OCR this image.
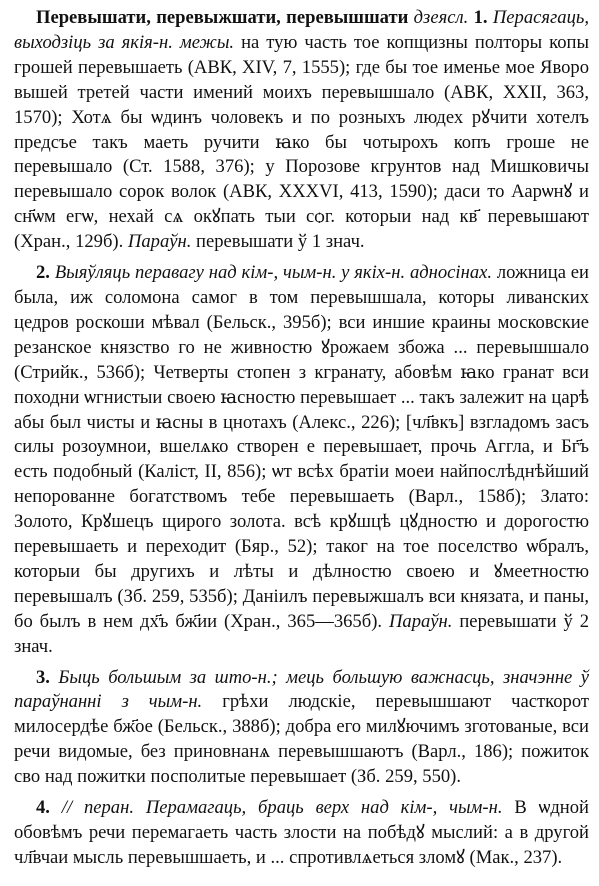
Перевышати, перевыжшати, перевышшати дзеясл. 1. Перасягаць, выходзіць за якія-н. межы. на тую часть тое копщизны полторы копы грошей перевышаеть (АВК, XIV, 7, 1555); где бы тое именье мое Яворо вышей третей части имений моихъ перевышшало (АВК, XXII, 363, 1570); Хотѧ бы ѡдинъ чоловекъ и по розныхъ людех рꙋчити хотелъ предсъе такъ маеть ручити ꙗко бы чотырохъ копъ гроше не перевышало (Ст. 1588, 376); у Порозове кгрунтов над Мишковичы перевышало сорок волок (АВК, XXXVI, 413, 1590); даси то Аарѡнꙋ и сн҃ѡм егѡ, нехай сѧ окꙋпать тыи сѻг. которыи над кв҃ перевышают (Хран., 129б). Параўн. перевышати ў 1 знач.

2. Выяўляць перавагу над кім-, чым-н. у якіх-н. адносінах. ложница еи была, иж соломона самог в том перевышшала, которы ливанских цедров роскоши мѣвал (Бельск., 395б); вси иншие краины московские резанское князство го не живностю ꙋрожаем збожа ... перевышшало (Стрийк., 536б); Четверты стопен з кгранату, абовѣм ꙗко гранат вси походни ѡгнистыи своею ꙗсностю перевышает ... такъ залежит на царѣ абы был чисты и ꙗсны в цнотахъ (Алекс., 226); [чл҃вкъ] взгладомъ засъ силы розоумнои, вшелѧко створен е перевышает, прочь Аггла, и Бг҃ъ есть подобный (Каліст, II, 856); ѡт всѣх братіи моеи найпослѣднѣйший непорованне богатствомъ тебе перевышаеть (Варл., 158б); Злато: Золото, Крꙋшецъ щирого золота. всѣ крꙋшцѣ цꙋдностю и дорогостю перевышаеть и переходит (Бяр., 52); таког на тое поселство ѡбралъ, которыи бы другихъ и лѣты и дѣлностю своею и ꙋмеетностю перевышалъ (Зб. 259, 535б); Даніилъ перевыжшалъ вси князата, и паны, бо былъ в нем дх҃ъ бж҃ии (Хран., 365—365б). Параўн. перевышати ў 2 знач.

3. Быць большым за што-н.; мець большую важнасць, значэнне ў параўнанні з чым-н. грѣхи людскіе, перевышшают часткорот милосердѣе бж҃ое (Бельск., 388б); добра его милꙋючимъ зготованые, вси речи видомые, без приновнанѧ перевышшаютъ (Варл., 186); пожиток сво над пожитки посполитые перевышает (Зб. 259, 550).

4. // перан. Перамагаць, браць верх над кім-, чым-н. В ѡдной обовѣмъ речи перемагаеть часть злости на побѣдꙋ мыслий: а в другой чл҃вчаи мысль перевышшаеть, и ... спротивлѧеться зломꙋ (Мак., 237).
